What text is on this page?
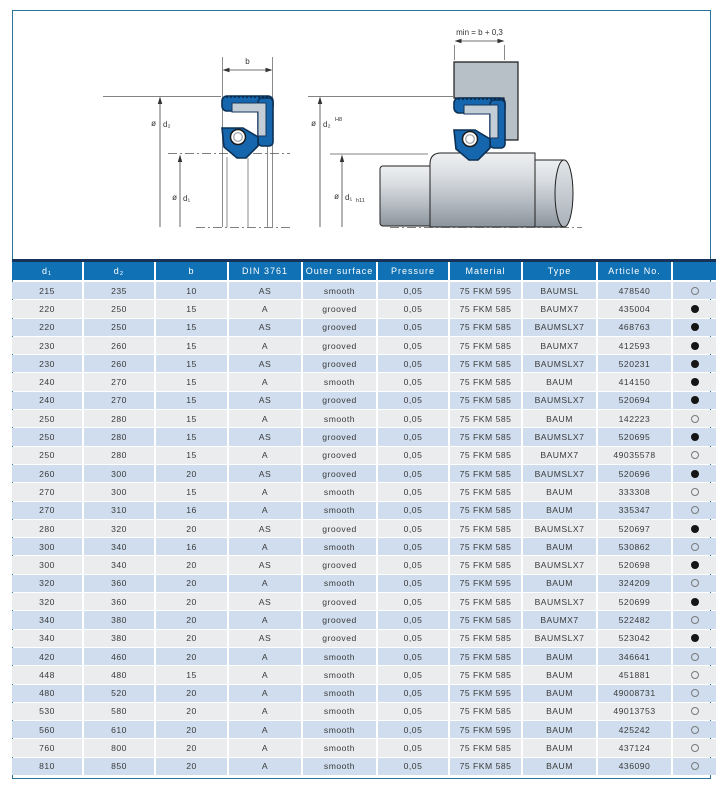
b
ø d₂
ø d₁
min = b + 0,3
ø d₂ H8
ø d₁ h11
d₁	d₂	b	DIN 3761	Outer surface	Pressure	Material	Type	Article No.
215	235	10	AS	smooth	0,05	75 FKM 595	BAUMSL	478540
220	250	15	A	grooved	0,05	75 FKM 585	BAUMX7	435004
220	250	15	AS	grooved	0,05	75 FKM 585	BAUMSLX7	468763
230	260	15	A	grooved	0,05	75 FKM 585	BAUMX7	412593
230	260	15	AS	grooved	0,05	75 FKM 585	BAUMSLX7	520231
240	270	15	A	smooth	0,05	75 FKM 585	BAUM	414150
240	270	15	AS	grooved	0,05	75 FKM 585	BAUMSLX7	520694
250	280	15	A	smooth	0,05	75 FKM 585	BAUM	142223
250	280	15	AS	grooved	0,05	75 FKM 585	BAUMSLX7	520695
250	280	15	A	grooved	0,05	75 FKM 585	BAUMX7	49035578
260	300	20	AS	grooved	0,05	75 FKM 585	BAUMSLX7	520696
270	300	15	A	smooth	0,05	75 FKM 585	BAUM	333308
270	310	16	A	smooth	0,05	75 FKM 585	BAUM	335347
280	320	20	AS	grooved	0,05	75 FKM 585	BAUMSLX7	520697
300	340	16	A	smooth	0,05	75 FKM 585	BAUM	530862
300	340	20	AS	grooved	0,05	75 FKM 585	BAUMSLX7	520698
320	360	20	A	smooth	0,05	75 FKM 595	BAUM	324209
320	360	20	AS	grooved	0,05	75 FKM 585	BAUMSLX7	520699
340	380	20	A	grooved	0,05	75 FKM 585	BAUMX7	522482
340	380	20	AS	grooved	0,05	75 FKM 585	BAUMSLX7	523042
420	460	20	A	smooth	0,05	75 FKM 585	BAUM	346641
448	480	15	A	smooth	0,05	75 FKM 585	BAUM	451881
480	520	20	A	smooth	0,05	75 FKM 595	BAUM	49008731
530	580	20	A	smooth	0,05	75 FKM 585	BAUM	49013753
560	610	20	A	smooth	0,05	75 FKM 595	BAUM	425242
760	800	20	A	smooth	0,05	75 FKM 585	BAUM	437124
810	850	20	A	smooth	0,05	75 FKM 585	BAUM	436090
